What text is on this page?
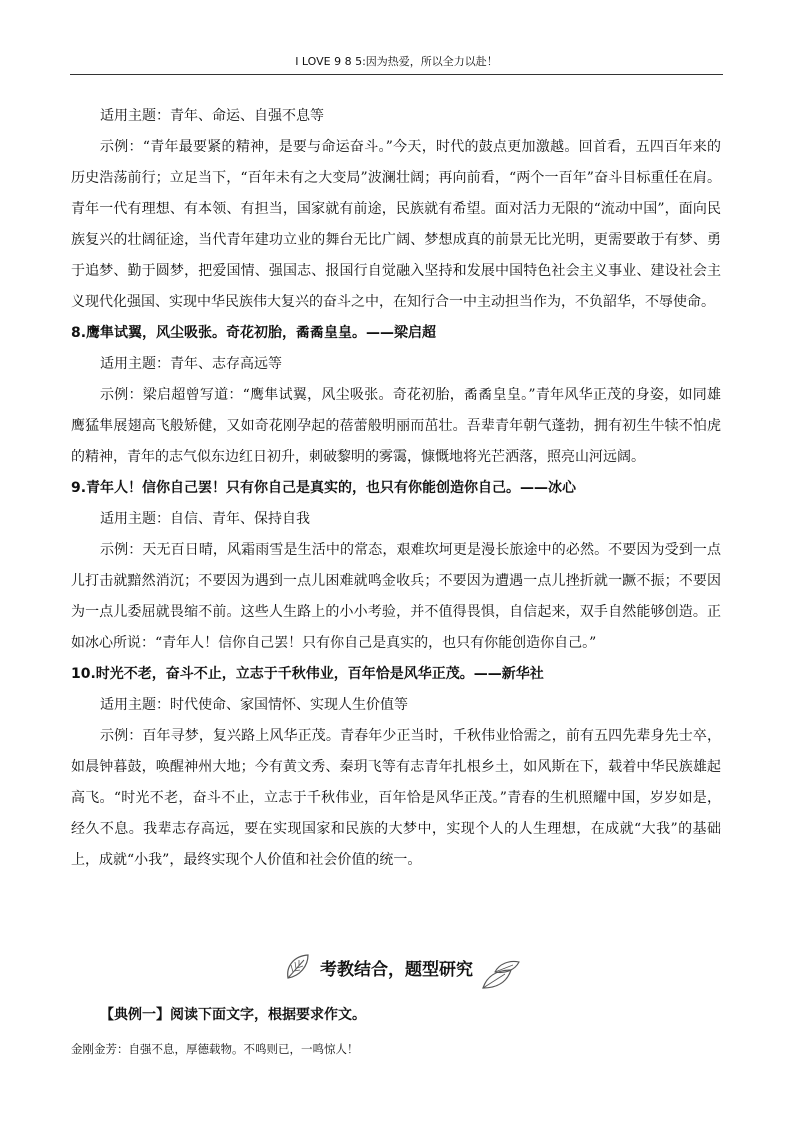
I LOVE 9 8 5:因为热爱，所以全力以赴！

适用主题：青年、命运、自强不息等

示例：“青年最要紧的精神，是要与命运奋斗。”今天，时代的鼓点更加激越。回首看，五四百年来的历史浩荡前行；立足当下，“百年未有之大变局”波澜壮阔；再向前看，“两个一百年”奋斗目标重任在肩。青年一代有理想、有本领、有担当，国家就有前途，民族就有希望。面对活力无限的“流动中国”，面向民族复兴的壮阔征途，当代青年建功立业的舞台无比广阔、梦想成真的前景无比光明，更需要敢于有梦、勇于追梦、勤于圆梦，把爱国情、强国志、报国行自觉融入坚持和发展中国特色社会主义事业、建设社会主义现代化强国、实现中华民族伟大复兴的奋斗之中，在知行合一中主动担当作为，不负韶华，不辱使命。

8.鹰隼试翼，风尘吸张。奇花初胎，矞矞皇皇。——梁启超

适用主题：青年、志存高远等

示例：梁启超曾写道：“鹰隼试翼，风尘吸张。奇花初胎，矞矞皇皇。”青年风华正茂的身姿，如同雄鹰猛隼展翅高飞般矫健，又如奇花刚孕起的蓓蕾般明丽而茁壮。吾辈青年朝气蓬勃，拥有初生牛犊不怕虎的精神，青年的志气似东边红日初升，刺破黎明的雾霭，慷慨地将光芒洒落，照亮山河远阔。

9.青年人！信你自己罢！只有你自己是真实的，也只有你能创造你自己。——冰心

适用主题：自信、青年、保持自我

示例：天无百日晴，风霜雨雪是生活中的常态，艰难坎坷更是漫长旅途中的必然。不要因为受到一点儿打击就黯然消沉；不要因为遇到一点儿困难就鸣金收兵；不要因为遭遇一点儿挫折就一蹶不振；不要因为一点儿委屈就畏缩不前。这些人生路上的小小考验，并不值得畏惧，自信起来，双手自然能够创造。正如冰心所说：“青年人！信你自己罢！只有你自己是真实的，也只有你能创造你自己。”

10.时光不老，奋斗不止，立志于千秋伟业，百年恰是风华正茂。——新华社

适用主题：时代使命、家国情怀、实现人生价值等

示例：百年寻梦，复兴路上风华正茂。青春年少正当时，千秋伟业恰需之，前有五四先辈身先士卒，如晨钟暮鼓，唤醒神州大地；今有黄文秀、秦玥飞等有志青年扎根乡土，如风斯在下，载着中华民族雄起高飞。“时光不老，奋斗不止，立志于千秋伟业，百年恰是风华正茂。”青春的生机照耀中国，岁岁如是，经久不息。我辈志存高远，要在实现国家和民族的大梦中，实现个人的人生理想，在成就“大我”的基础上，成就“小我”，最终实现个人价值和社会价值的统一。

考教结合，题型研究
【典例一】阅读下面文字，根据要求作文。
金刚金芳：自强不息，厚德载物。不鸣则已，一鸣惊人！
